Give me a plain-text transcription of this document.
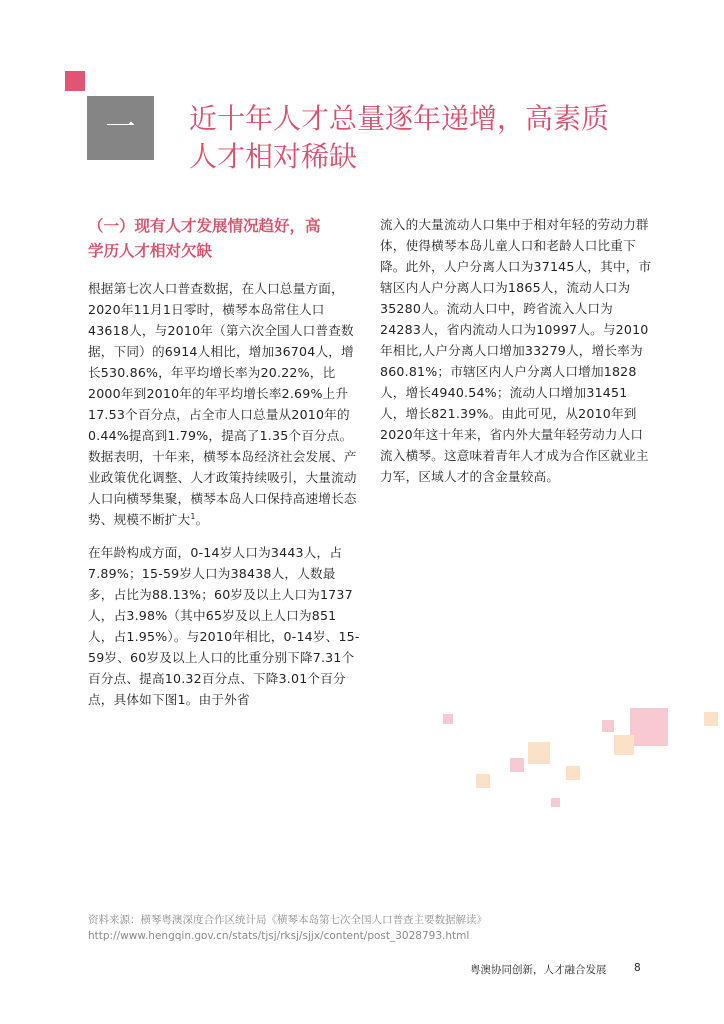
一	近十年人才总量逐年递增，高素质
人才相对稀缺
（一）现有人才发展情况趋好，高
学历人才相对欠缺

根据第七次人口普查数据，在人口总量方面，2020年11月1日零时，横琴本岛常住人口43618人，与2010年（第六次全国人口普查数据，下同）的6914人相比，增加36704人，增长530.86%，年平均增长率为20.22%，比2000年到2010年的年平均增长率2.69%上升17.53个百分点，占全市人口总量从2010年的0.44%提高到1.79%，提高了1.35个百分点。数据表明，十年来，横琴本岛经济社会发展、产业政策优化调整、人才政策持续吸引，大量流动人口向横琴集聚，横琴本岛人口保持高速增长态势、规模不断扩大$^1$。

在年龄构成方面，0-14岁人口为3443人，占7.89%；15-59岁人口为38438人，人数最多，占比为88.13%；60岁及以上人口为1737人，占3.98%（其中65岁及以上人口为851人，占1.95%）。与2010年相比，0-14岁、15-59岁、60岁及以上人口的比重分别下降7.31个百分点、提高10.32百分点、下降3.01个百分点，具体如下图1。由于外省

流入的大量流动人口集中于相对年轻的劳动力群体，使得横琴本岛儿童人口和老龄人口比重下降。此外，人户分离人口为37145人，其中，市辖区内人户分离人口为1865人，流动人口为35280人。流动人口中，跨省流入人口为24283人，省内流动人口为10997人。与2010年相比,人户分离人口增加33279人，增长率为860.81%；市辖区内人户分离人口增加1828人，增长4940.54%；流动人口增加31451人，增长821.39%。由此可见，从2010年到2020年这十年来，省内外大量年轻劳动力人口流入横琴。这意味着青年人才成为合作区就业主力军，区域人才的含金量较高。

资料来源：横琴粤澳深度合作区统计局《横琴本岛第七次全国人口普查主要数据解读》
http://www.hengqin.gov.cn/stats/tjsj/rksj/sjjx/content/post_3028793.html
粤澳协同创新，人才融合发展	8
